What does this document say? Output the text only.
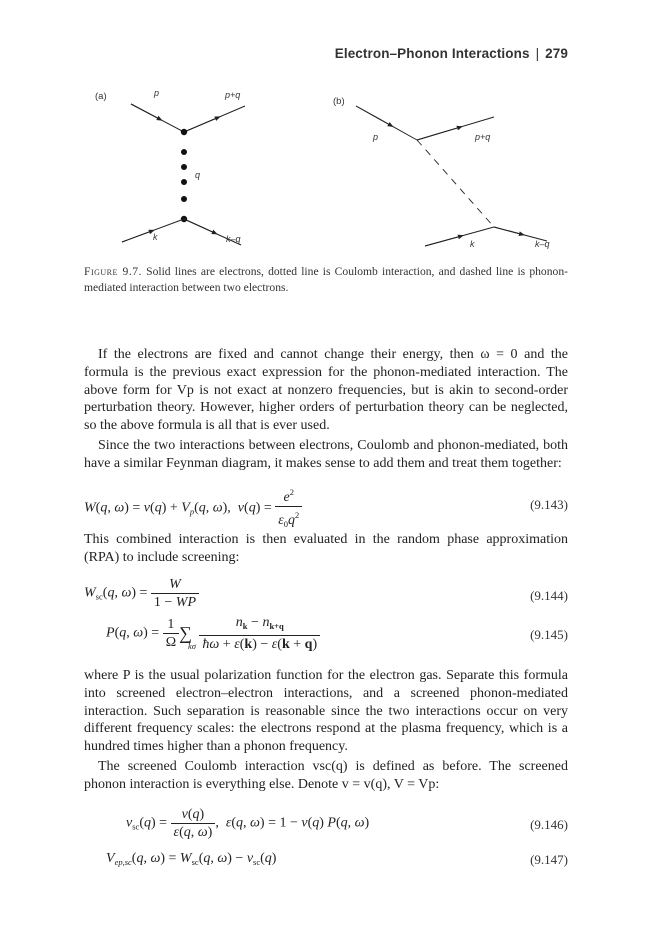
Electron–Phonon Interactions | 279
(a)	p	p+q
q
k	k–q
(b)
p	p+q
k	k–q
Figure 9.7. Solid lines are electrons, dotted line is Coulomb interaction, and dashed line is phonon-mediated interaction between two electrons.

If the electrons are fixed and cannot change their energy, then ω = 0 and the formula is the previous exact expression for the phonon-mediated interaction. The above form for Vp is not exact at nonzero frequencies, but is akin to second-order perturbation theory. However, higher orders of perturbation theory can be neglected, so the above formula is all that is ever used.

Since the two interactions between electrons, Coulomb and phonon-mediated, both have a similar Feynman diagram, it makes sense to add them and treat them together:

W(q, $\omega) = v(q) + V_p(q$, ω),  $v(q) = \frac{e^2}{\varepsilon_0q^2}$	(9.143)

This combined interaction is then evaluated in the random phase approximation (RPA) to include screening:

$W_{sc}(q$, $\omega) = \frac{W}{1 - WP}$	(9.144)
P(q, $\omega) = \frac{1}{\Omega} \sum_{k\sigma} \frac{n_k - n_{k+q}}{ħ\omega + \varepsilon(k) - \varepsilon(k + q)}$	(9.145)

where P is the usual polarization function for the electron gas. Separate this formula into screened electron–electron interactions, and a screened phonon-mediated interaction. Such separation is reasonable since the two interactions occur on very different frequency scales: the electrons respond at the plasma frequency, which is a hundred times higher than a phonon frequency.

The screened Coulomb interaction vsc(q) is defined as before. The screened phonon interaction is everything else. Denote v = v(q), V = Vp:

$v_{sc}(q) = \frac{v(q)}{\varepsilon(q, \omega)}$ ,  ε(q, ω) = 1 − v(q) P(q, ω)	(9.146)
$V_{ep,sc}(q$, $\omega) = W_{sc}(q$, $\omega) - v_{sc}(q)$	(9.147)
